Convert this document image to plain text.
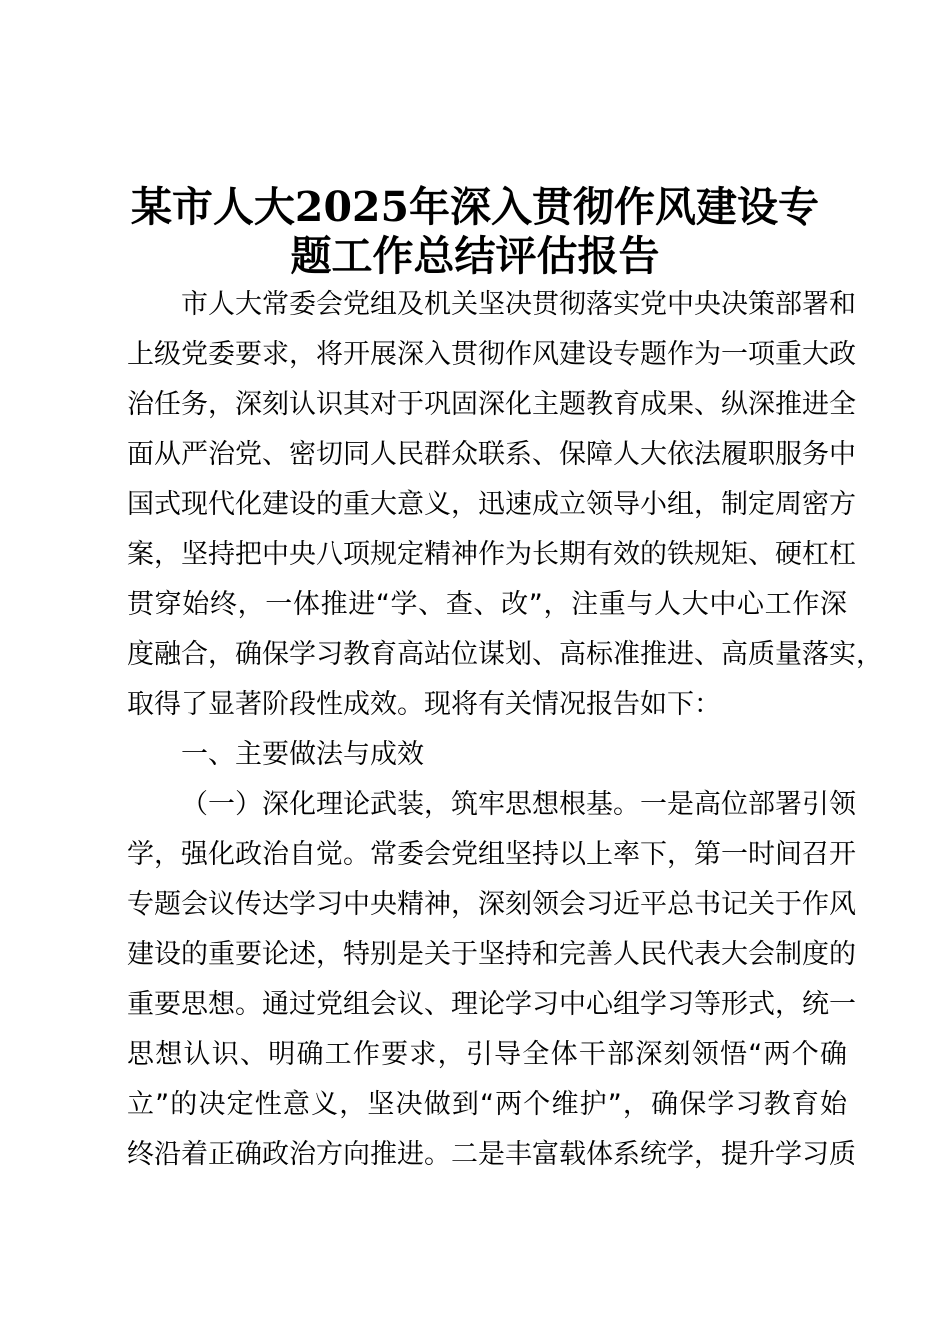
某市人大2025年深入贯彻作风建设专
题工作总结评估报告

市人大常委会党组及机关坚决贯彻落实党中央决策部署和

上级党委要求，将开展深入贯彻作风建设专题作为一项重大政

治任务，深刻认识其对于巩固深化主题教育成果、纵深推进全

面从严治党、密切同人民群众联系、保障人大依法履职服务中

国式现代化建设的重大意义，迅速成立领导小组，制定周密方

案，坚持把中央八项规定精神作为长期有效的铁规矩、硬杠杠

贯穿始终，一体推进“学、查、改”，注重与人大中心工作深

度融合，确保学习教育高站位谋划、高标准推进、高质量落实，

取得了显著阶段性成效。现将有关情况报告如下：

一、主要做法与成效

（一）深化理论武装，筑牢思想根基。一是高位部署引领

学，强化政治自觉。常委会党组坚持以上率下，第一时间召开

专题会议传达学习中央精神，深刻领会习近平总书记关于作风

建设的重要论述，特别是关于坚持和完善人民代表大会制度的

重要思想。通过党组会议、理论学习中心组学习等形式，统一

思想认识、明确工作要求，引导全体干部深刻领悟“两个确

立”的决定性意义，坚决做到“两个维护”，确保学习教育始

终沿着正确政治方向推进。二是丰富载体系统学，提升学习质
